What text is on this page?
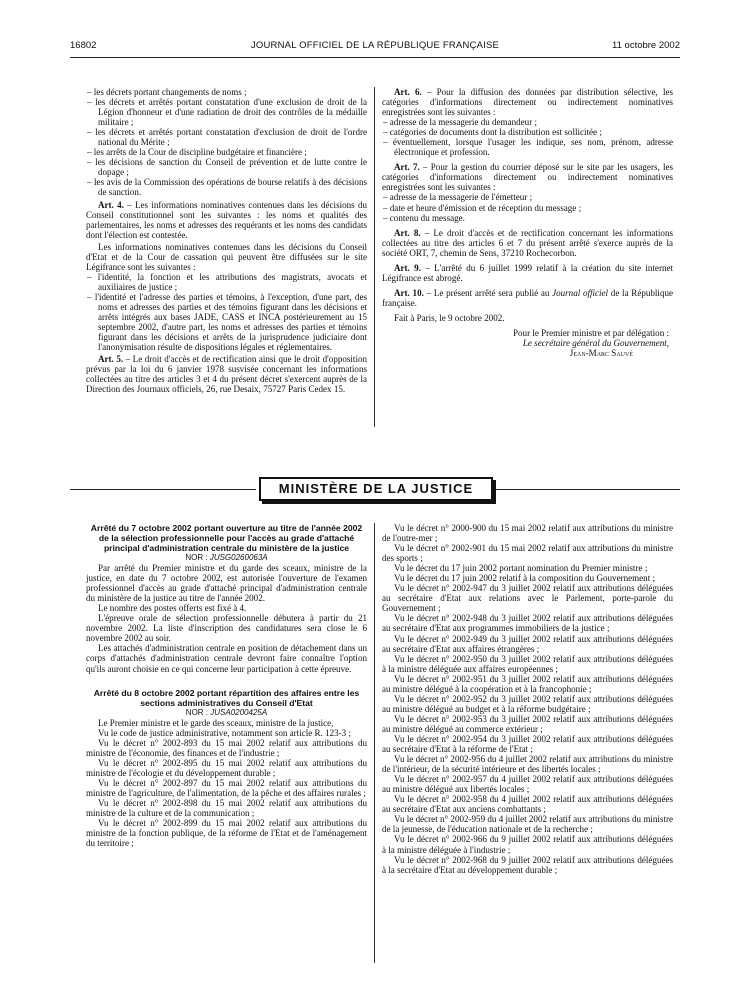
16802	JOURNAL OFFICIEL DE LA RÉPUBLIQUE FRANÇAISE	11 octobre 2002

– les décrets portant changements de noms ;

– les décrets et arrêtés portant constatation d'une exclusion de droit de la Légion d'honneur et d'une radiation de droit des contrôles de la médaille militaire ;

– les décrets et arrêtés portant constatation d'exclusion de droit de l'ordre national du Mérite ;

– les arrêts de la Cour de discipline budgétaire et financière ;

– les décisions de sanction du Conseil de prévention et de lutte contre le dopage ;

– les avis de la Commission des opérations de bourse relatifs à des décisions de sanction.

Art. 4. – Les informations nominatives contenues dans les décisions du Conseil constitutionnel sont les suivantes : les noms et qualités des parlementaires, les noms et adresses des requérants et les noms des candidats dont l'élection est contestée.

Les informations nominatives contenues dans les décisions du Conseil d'Etat et de la Cour de cassation qui peuvent être diffusées sur le site Légifrance sont les suivantes :

– l'identité, la fonction et les attributions des magistrats, avocats et auxiliaires de justice ;

– l'identité et l'adresse des parties et témoins, à l'exception, d'une part, des noms et adresses des parties et des témoins figurant dans les décisions et arrêts intégrés aux bases JADE, CASS et INCA postérieurement au 15 septembre 2002, d'autre part, les noms et adresses des parties et témoins figurant dans les décisions et arrêts de la jurisprudence judiciaire dont l'anonymisation résulte de dispositions légales et réglementaires.

Art. 5. – Le droit d'accès et de rectification ainsi que le droit d'opposition prévus par la loi du 6 janvier 1978 susvisée concernant les informations collectées au titre des articles 3 et 4 du présent décret s'exercent auprès de la Direction des Journaux officiels, 26, rue Desaix, 75727 Paris Cedex 15.

Art. 6. – Pour la diffusion des données par distribution sélective, les catégories d'informations directement ou indirectement nominatives enregistrées sont les suivantes :

– adresse de la messagerie du demandeur ;

– catégories de documents dont la distribution est sollicitée ;

– éventuellement, lorsque l'usager les indique, ses nom, prénom, adresse électronique et profession.

Art. 7. – Pour la gestion du courrier déposé sur le site par les usagers, les catégories d'informations directement ou indirectement nominatives enregistrées sont les suivantes :

– adresse de la messagerie de l'émetteur ;

– date et heure d'émission et de réception du message ;

– contenu du message.

Art. 8. – Le droit d'accès et de rectification concernant les informations collectées au titre des articles 6 et 7 du présent arrêté s'exerce auprès de la société ORT, 7, chemin de Sens, 37210 Rochecorbon.

Art. 9. – L'arrêté du 6 juillet 1999 relatif à la création du site internet Légifrance est abrogé.

Art. 10. – Le présent arrêté sera publié au Journal officiel de la République française.

Fait à Paris, le 9 octobre 2002.

Pour le Premier ministre et par délégation :

Le secrétaire général du Gouvernement,

Jean-Marc Sauvé

MINISTÈRE DE LA JUSTICE

Arrêté du 7 octobre 2002 portant ouverture au titre de l'année 2002 de la sélection professionnelle pour l'accès au grade d'attaché principal d'administration centrale du ministère de la justice

NOR : JUSG0260063A

Par arrêté du Premier ministre et du garde des sceaux, ministre de la justice, en date du 7 octobre 2002, est autorisée l'ouverture de l'examen professionnel d'accès au grade d'attaché principal d'administration centrale du ministère de la justice au titre de l'année 2002.

Le nombre des postes offerts est fixé à 4.

L'épreuve orale de sélection professionnelle débutera à partir du 21 novembre 2002. La liste d'inscription des candidatures sera close le 6 novembre 2002 au soir.

Les attachés d'administration centrale en position de détachement dans un corps d'attachés d'administration centrale devront faire connaître l'option qu'ils auront choisie en ce qui concerne leur participation à cette épreuve.

Arrêté du 8 octobre 2002 portant répartition des affaires entre les sections administratives du Conseil d'Etat

NOR : JUSA0200425A

Le Premier ministre et le garde des sceaux, ministre de la justice,

Vu le code de justice administrative, notamment son article R. 123-3 ;

Vu le décret n° 2002-893 du 15 mai 2002 relatif aux attributions du ministre de l'économie, des finances et de l'industrie ;

Vu le décret n° 2002-895 du 15 mai 2002 relatif aux attributions du ministre de l'écologie et du développement durable ;

Vu le décret n° 2002-897 du 15 mai 2002 relatif aux attributions du ministre de l'agriculture, de l'alimentation, de la pêche et des affaires rurales ;

Vu le décret n° 2002-898 du 15 mai 2002 relatif aux attributions du ministre de la culture et de la communication ;

Vu le décret n° 2002-899 du 15 mai 2002 relatif aux attributions du ministre de la fonction publique, de la réforme de l'Etat et de l'aménagement du territoire ;

Vu le décret n° 2000-900 du 15 mai 2002 relatif aux attributions du ministre de l'outre-mer ;

Vu le décret n° 2002-901 du 15 mai 2002 relatif aux attributions du ministre des sports ;

Vu le décret du 17 juin 2002 portant nomination du Premier ministre ;

Vu le décret du 17 juin 2002 relatif à la composition du Gouvernement ;

Vu le décret n° 2002-947 du 3 juillet 2002 relatif aux attributions déléguées au secrétaire d'Etat aux relations avec le Parlement, porte-parole du Gouvernement ;

Vu le décret n° 2002-948 du 3 juillet 2002 relatif aux attributions déléguées au secrétaire d'Etat aux programmes immobiliers de la justice ;

Vu le décret n° 2002-949 du 3 juillet 2002 relatif aux attributions déléguées au secrétaire d'Etat aux affaires étrangères ;

Vu le décret n° 2002-950 du 3 juillet 2002 relatif aux attributions déléguées à la ministre déléguée aux affaires européennes ;

Vu le décret n° 2002-951 du 3 juillet 2002 relatif aux attributions déléguées au ministre délégué à la coopération et à la francophonie ;

Vu le décret n° 2002-952 du 3 juillet 2002 relatif aux attributions déléguées au ministre délégué au budget et à la réforme budgétaire ;

Vu le décret n° 2002-953 du 3 juillet 2002 relatif aux attributions déléguées au ministre délégué au commerce extérieur ;

Vu le décret n° 2002-954 du 3 juillet 2002 relatif aux attributions déléguées au secrétaire d'Etat à la réforme de l'Etat ;

Vu le décret n° 2002-956 du 4 juillet 2002 relatif aux attributions du ministre de l'intérieur, de la sécurité intérieure et des libertés locales ;

Vu le décret n° 2002-957 du 4 juillet 2002 relatif aux attributions déléguées au ministre délégué aux libertés locales ;

Vu le décret n° 2002-958 du 4 juillet 2002 relatif aux attributions déléguées au secrétaire d'Etat aux anciens combattants ;

Vu le décret n° 2002-959 du 4 juillet 2002 relatif aux attributions du ministre de la jeunesse, de l'éducation nationale et de la recherche ;

Vu le décret n° 2002-966 du 9 juillet 2002 relatif aux attributions déléguées à la ministre déléguée à l'industrie ;

Vu le décret n° 2002-968 du 9 juillet 2002 relatif aux attributions déléguées à la secrétaire d'Etat au développement durable ;
